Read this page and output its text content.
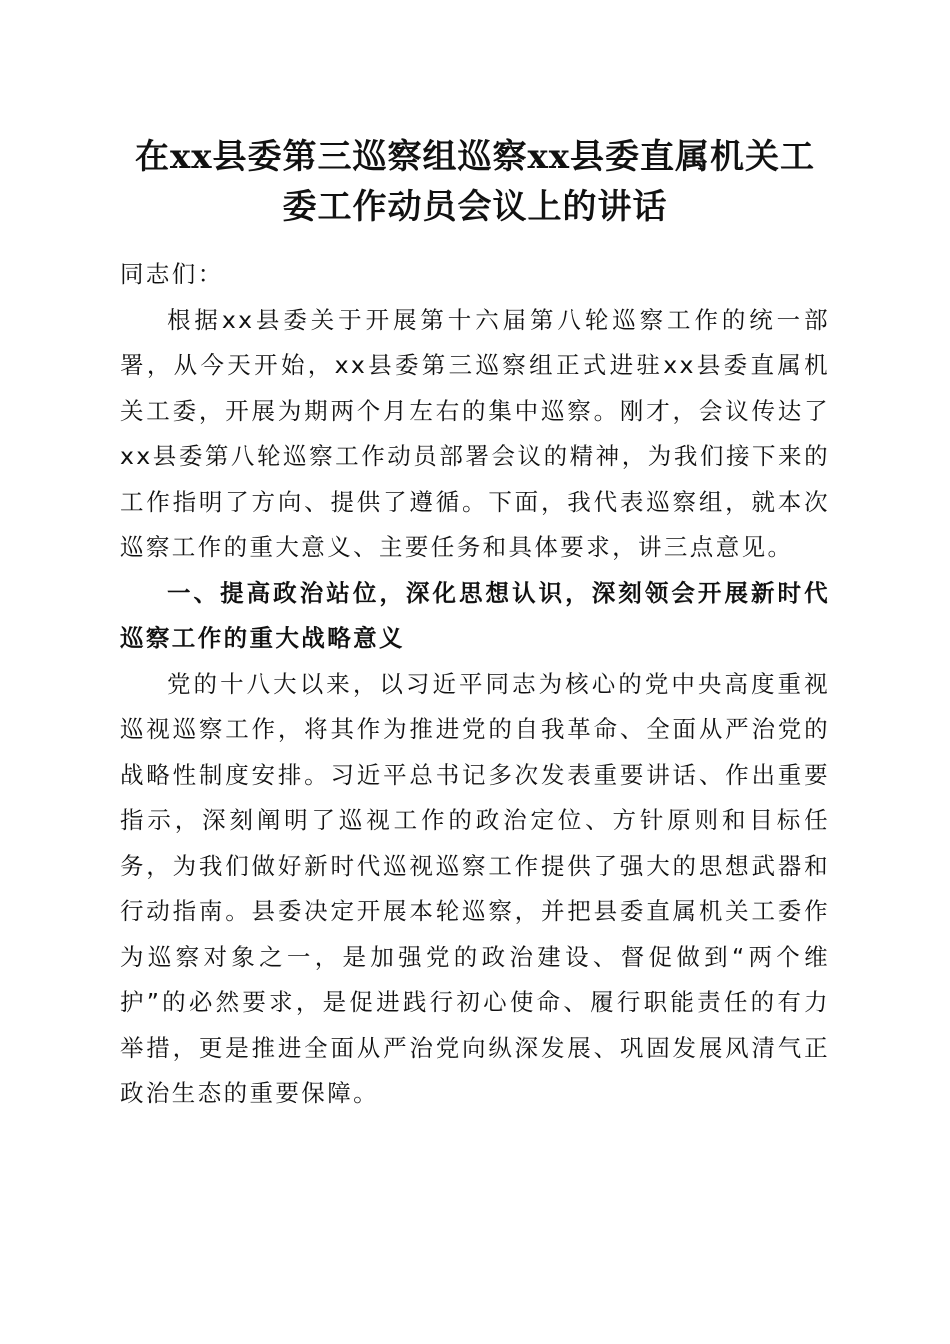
在xx县委第三巡察组巡察xx县委直属机关工
委工作动员会议上的讲话

同志们：

根据xx县委关于开展第十六届第八轮巡察工作的统一部署，从今天开始，xx县委第三巡察组正式进驻xx县委直属机关工委，开展为期两个月左右的集中巡察。刚才，会议传达了xx县委第八轮巡察工作动员部署会议的精神，为我们接下来的工作指明了方向、提供了遵循。下面，我代表巡察组，就本次巡察工作的重大意义、主要任务和具体要求，讲三点意见。

一、提高政治站位，深化思想认识，深刻领会开展新时代巡察工作的重大战略意义

党的十八大以来，以习近平同志为核心的党中央高度重视巡视巡察工作，将其作为推进党的自我革命、全面从严治党的战略性制度安排。习近平总书记多次发表重要讲话、作出重要指示，深刻阐明了巡视工作的政治定位、方针原则和目标任务，为我们做好新时代巡视巡察工作提供了强大的思想武器和行动指南。县委决定开展本轮巡察，并把县委直属机关工委作为巡察对象之一，是加强党的政治建设、督促做到“两个维护”的必然要求，是促进践行初心使命、履行职能责任的有力举措，更是推进全面从严治党向纵深发展、巩固发展风清气正政治生态的重要保障。
